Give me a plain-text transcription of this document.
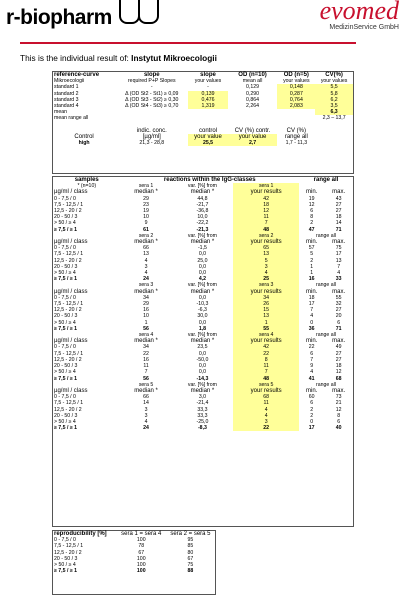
r-biopharm	evomed
MedizinService GmbH
This is the individual result of: Instytut Mikroecologii
reference-curve	slope	slope	OD (n=10)	OD (n=5)	CV(%)
Mikroecologii	required P+P Slopes	your values	mean all	your values	your values
standard 1	-	-	0,129	0,148	5,5
standard 2	Δ (OD St2 - St1) ≥ 0,09	0,139	0,290	0,287	5,8
standard 3	Δ (OD St3 - St2) ≥ 0,30	0,476	0,864	0,764	6,2
standard 4	Δ (OD St4 - St3) ≥ 0,70	1,319	2,264	2,083	3,5
mean					6,3
mean range all					2,3 – 13,7

	indic. conc.	control	CV (%) contr.	CV (%)	
Control	[µg/ml]	your value	your value	range all	
high	21,3 - 28,8	25,5	2,7	1,7 - 11,3	
samples	reactions within the IgG-classes			range all	
* (n=10)	sera 1	var. [%] from	sera 1		
µg/ml / class	median *	median *	your results	min.	max.
0 - 7,5 / 0	29	44,8	42	19	43
7,5 - 12,5 / 1	23	-21,7	18	12	27
12,5 - 20 / 2	19	-36,8	12	6	27
20 - 50 / 3	10	10,0	11	8	18
> 50 / ≥ 4	9	-22,2	7	2	14
≥ 7,5 / ≥ 1	61	-21,3	48	47	71
	sera 2	var. [%] from	sera 2	range all	
µg/ml / class	median *	median *	your results	min.	max.
0 - 7,5 / 0	66	-1,5	65	57	75
7,5 - 12,5 / 1	13	0,0	13	5	17
12,5 - 20 / 2	4	25,0	5	2	13
20 - 50 / 3	3	0,0	3	1	7
> 50 / ≥ 4	4	0,0	4	1	4
≥ 7,5 / ≥ 1	24	4,2	25	16	33
	sera 3	var. [%] from	sera 3	range all	
µg/ml / class	median *	median *	your results	min.	max.
0 - 7,5 / 0	34	0,0	34	18	55
7,5 - 12,5 / 1	29	-10,3	26	17	32
12,5 - 20 / 2	16	-6,3	15	7	27
20 - 50 / 3	10	30,0	13	4	20
> 50 / ≥ 4	1	0,0	1	0	6
≥ 7,5 / ≥ 1	56	1,8	55	36	71
	sera 4	var. [%] from	sera 4	range all	
µg/ml / class	median *	median *	your results	min.	max.
0 - 7,5 / 0	34	23,5	42	22	49
7,5 - 12,5 / 1	22	0,0	22	6	27
12,5 - 20 / 2	16	-50,0	8	7	27
20 - 50 / 3	11	0,0	11	9	18
> 50 / ≥ 4	7	0,0	7	4	12
≥ 7,5 / ≥ 1	56	-14,3	48	41	68
	sera 5	var. [%] from	sera 5	range all	
µg/ml / class	median *	median *	your results	min.	max.
0 - 7,5 / 0	66	3,0	68	60	73
7,5 - 12,5 / 1	14	-21,4	11	6	21
12,5 - 20 / 2	3	33,3	4	2	12
20 - 50 / 3	3	33,3	4	2	8
> 50 / ≥ 4	4	-25,0	3	0	6
≥ 7,5 / ≥ 1	24	-8,3	22	17	40
reproducibility [%]	sera 1 = sera 4	sera 2 = sera 5
0 - 7,5 / 0	100	95
7,5 - 12,5 / 1	78	85
12,5 - 20 / 2	67	80
20 - 50 / 3	100	67
> 50 / ≥ 4	100	75
≥ 7,5 / ≥ 1	100	88
